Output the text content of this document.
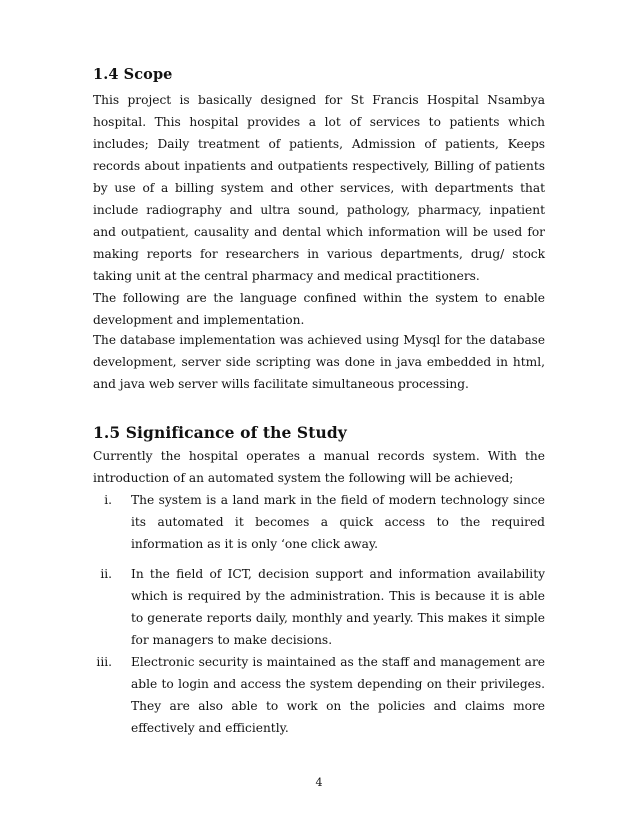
1.4 Scope
This project is basically designed for St Francis Hospital Nsambya
hospital. This hospital provides a lot of services to patients which
includes; Daily treatment of patients, Admission of patients, Keeps
records about inpatients and outpatients respectively, Billing of patients
by use of a billing system and other services, with departments that
include radiography and ultra sound, pathology, pharmacy, inpatient
and outpatient, causality and dental which information will be used for
making reports for researchers in various departments, drug/ stock
taking unit at the central pharmacy and medical practitioners.
The following are the language confined within the system to enable
development and implementation.
The database implementation was achieved using Mysql for the database
development, server side scripting was done in java embedded in html,
and java web server wills facilitate simultaneous processing.
1.5 Significance of the Study
Currently the hospital operates a manual records system. With the
introduction of an automated system the following will be achieved;
i. The system is a land mark in the field of modern technology since
its automated it becomes a quick access to the required
information as it is only ‘one click away.
ii. In the field of ICT, decision support and information availability
which is required by the administration. This is because it is able
to generate reports daily, monthly and yearly. This makes it simple
for managers to make decisions.
iii. Electronic security is maintained as the staff and management are
able to login and access the system depending on their privileges.
They are also able to work on the policies and claims more
effectively and efficiently.
4
